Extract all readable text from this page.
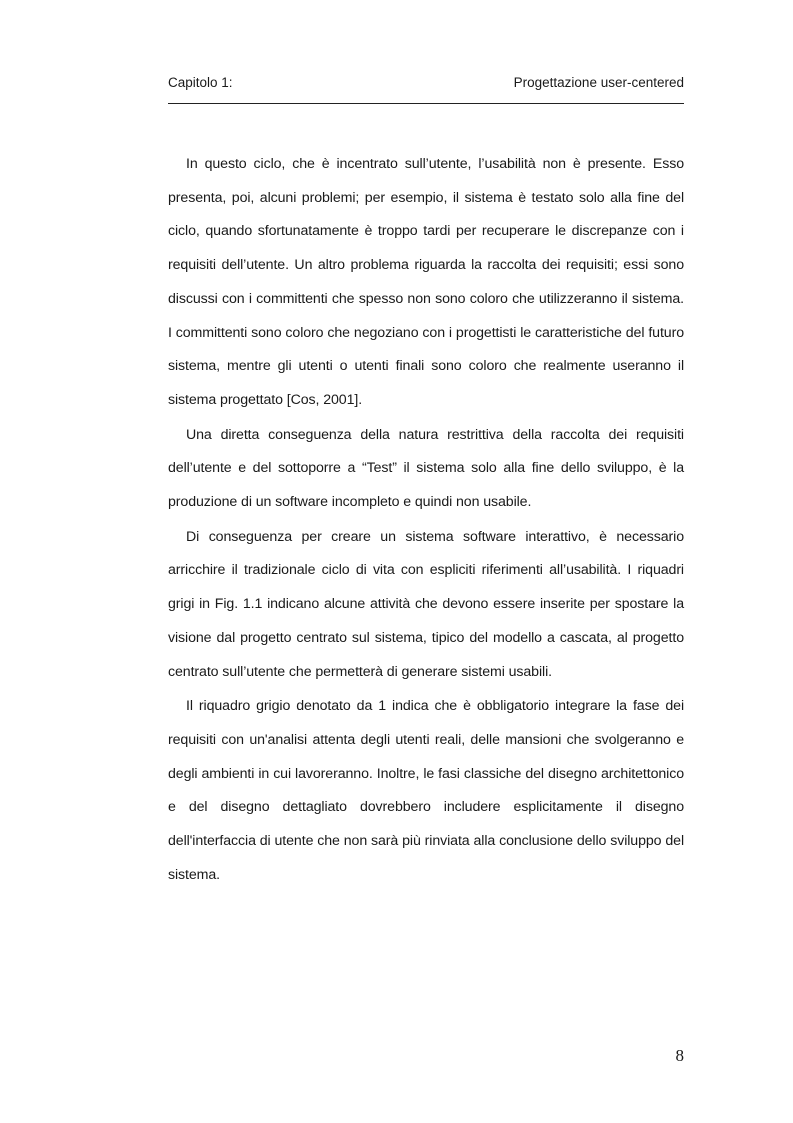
Capitolo 1:	Progettazione user-centered

In questo ciclo, che è incentrato sull’utente, l’usabilità non è presente. Esso presenta, poi, alcuni problemi; per esempio, il sistema è testato solo alla fine del ciclo, quando sfortunatamente è troppo tardi per recuperare le discrepanze con i requisiti dell’utente. Un altro problema riguarda la raccolta dei requisiti; essi sono discussi con i committenti che spesso non sono coloro che utilizzeranno il sistema. I committenti sono coloro che negoziano con i progettisti le caratteristiche del futuro sistema, mentre gli utenti o utenti finali sono coloro che realmente useranno il sistema progettato [Cos, 2001].

Una diretta conseguenza della natura restrittiva della raccolta dei requisiti dell’utente e del sottoporre a “Test” il sistema solo alla fine dello sviluppo, è la produzione di un software incompleto e quindi non usabile.

Di conseguenza per creare un sistema software interattivo, è necessario arricchire il tradizionale ciclo di vita con espliciti riferimenti all’usabilità. I riquadri grigi in Fig. 1.1 indicano alcune attività che devono essere inserite per spostare la visione dal progetto centrato sul sistema, tipico del modello a cascata, al progetto centrato sull’utente che permetterà di generare sistemi usabili.

Il riquadro grigio denotato da 1 indica che è obbligatorio integrare la fase dei requisiti con un'analisi attenta degli utenti reali, delle mansioni che svolgeranno e degli ambienti in cui lavoreranno. Inoltre, le fasi classiche del disegno architettonico e del disegno dettagliato dovrebbero includere esplicitamente il disegno dell'interfaccia di utente che non sarà più rinviata alla conclusione dello sviluppo del sistema.

8
